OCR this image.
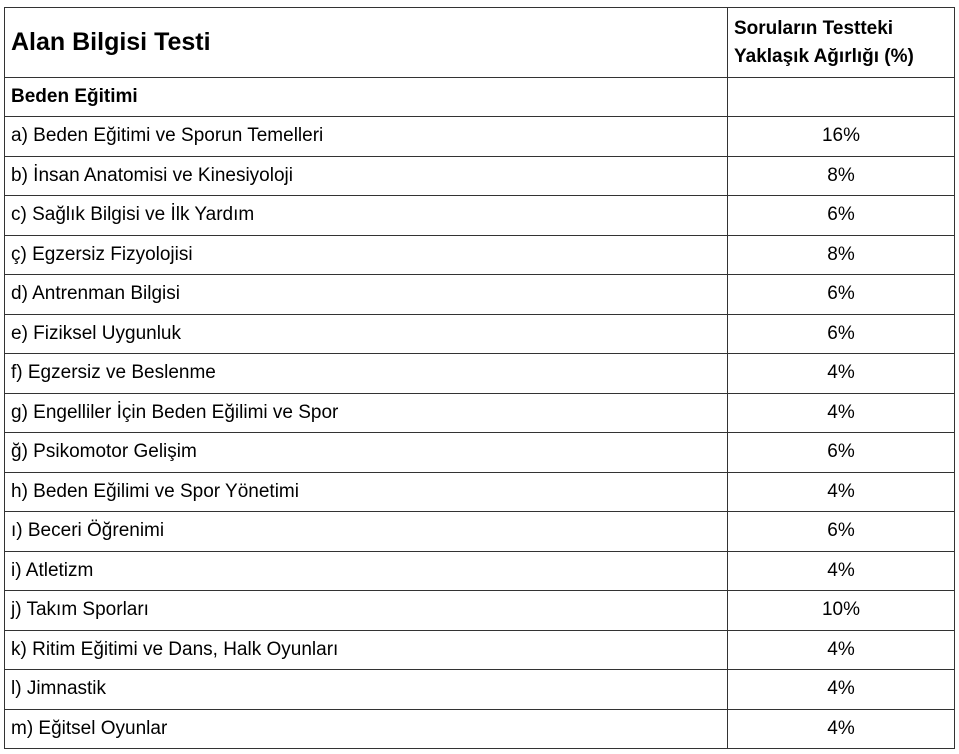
Alan Bilgisi Testi	Soruların Testteki
Yaklaşık Ağırlığı (%)
Beden Eğitimi	
a) Beden Eğitimi ve Sporun Temelleri	16%
b) İnsan Anatomisi ve Kinesiyoloji	8%
c) Sağlık Bilgisi ve İlk Yardım	6%
ç) Egzersiz Fizyolojisi	8%
d) Antrenman Bilgisi	6%
e) Fiziksel Uygunluk	6%
f) Egzersiz ve Beslenme	4%
g) Engelliler İçin Beden Eğilimi ve Spor	4%
ğ) Psikomotor Gelişim	6%
h) Beden Eğilimi ve Spor Yönetimi	4%
ı) Beceri Öğrenimi	6%
i) Atletizm	4%
j) Takım Sporları	10%
k) Ritim Eğitimi ve Dans, Halk Oyunları	4%
l) Jimnastik	4%
m) Eğitsel Oyunlar	4%
